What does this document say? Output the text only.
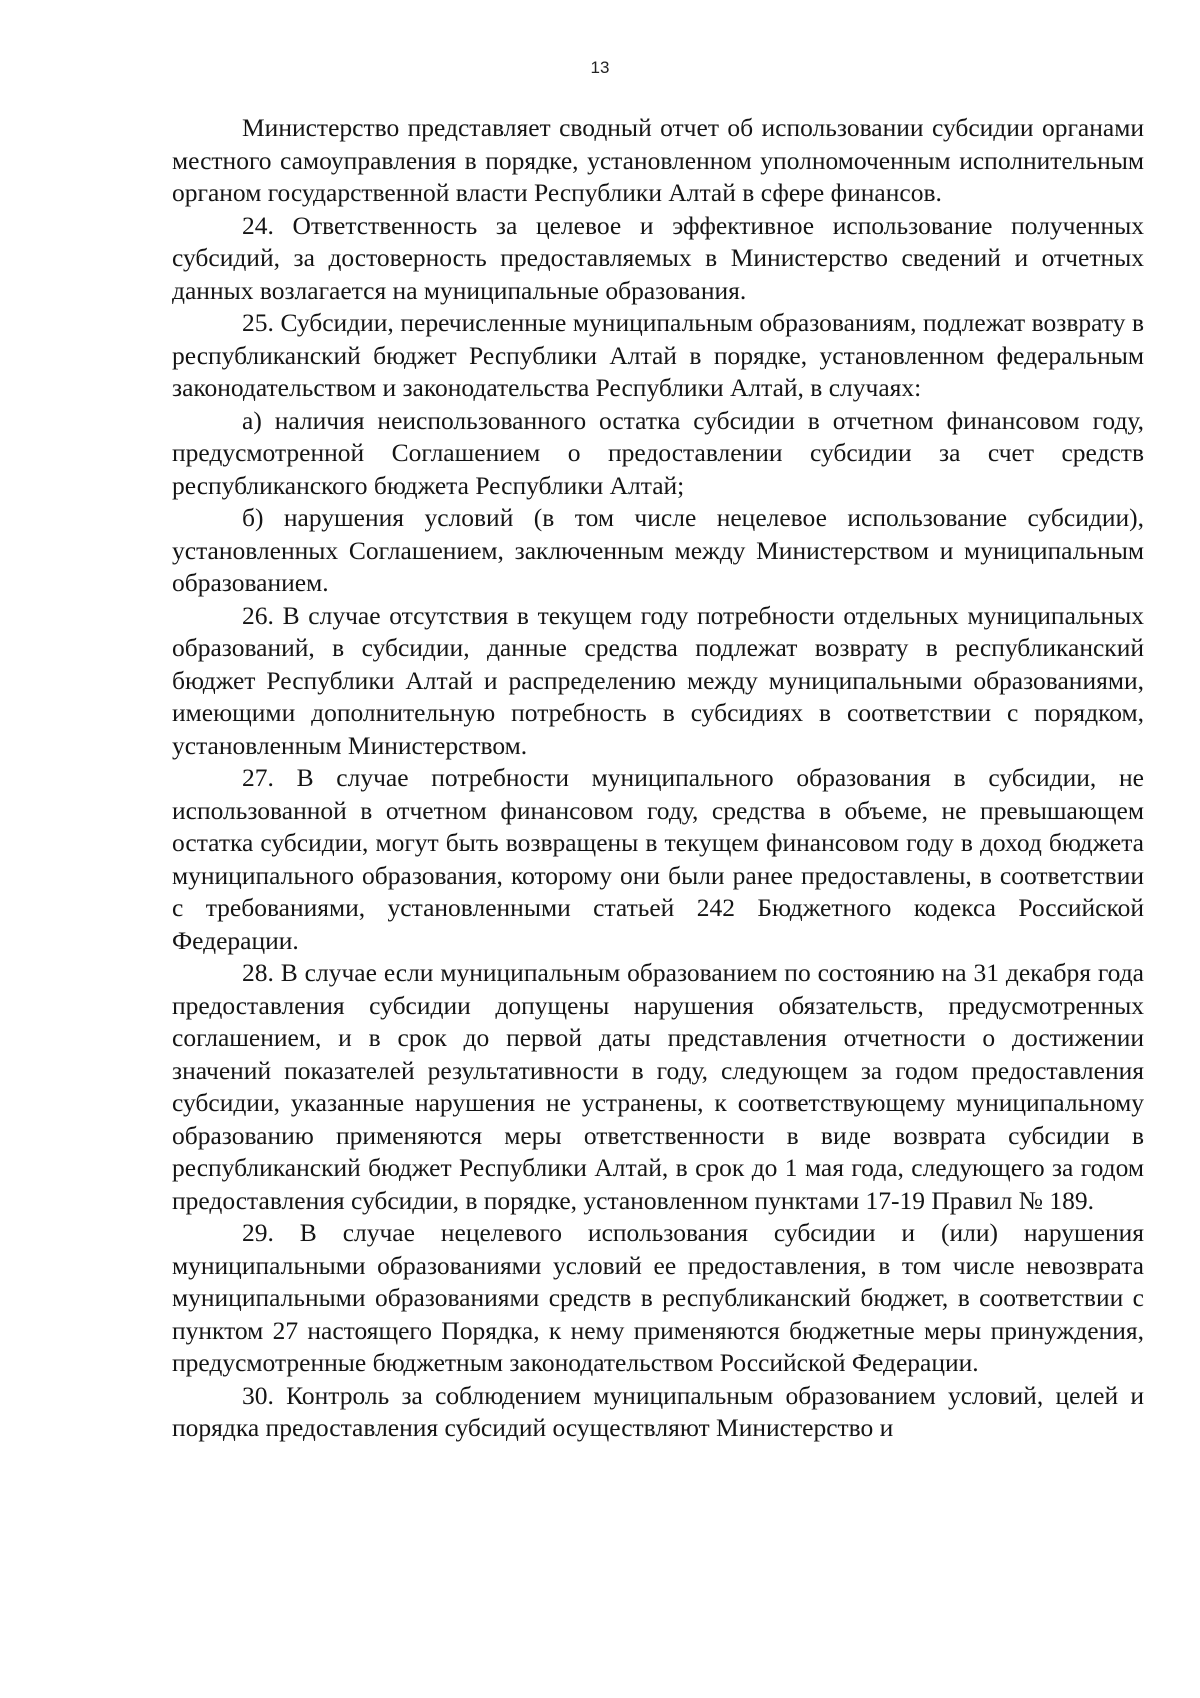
13

Министерство представляет сводный отчет об использовании субсидии органами местного самоуправления в порядке, установленном уполномоченным исполнительным органом государственной власти Республики Алтай в сфере финансов.

24. Ответственность за целевое и эффективное использование полученных субсидий, за достоверность предоставляемых в Министерство сведений и отчетных данных возлагается на муниципальные образования.

25. Субсидии, перечисленные муниципальным образованиям, подлежат возврату в республиканский бюджет Республики Алтай в порядке, установленном федеральным законодательством и законодательства Республики Алтай, в случаях:

а) наличия неиспользованного остатка субсидии в отчетном финансовом году, предусмотренной Соглашением о предоставлении субсидии за счет средств республиканского бюджета Республики Алтай;

б) нарушения условий (в том числе нецелевое использование субсидии), установленных Соглашением, заключенным между Министерством и муниципальным образованием.

26. В случае отсутствия в текущем году потребности отдельных муниципальных образований, в субсидии, данные средства подлежат возврату в республиканский бюджет Республики Алтай и распределению между муниципальными образованиями, имеющими дополнительную потребность в субсидиях в соответствии с порядком, установленным Министерством.

27. В случае потребности муниципального образования в субсидии, не использованной в отчетном финансовом году, средства в объеме, не превышающем остатка субсидии, могут быть возвращены в текущем финансовом году в доход бюджета муниципального образования, которому они были ранее предоставлены, в соответствии с требованиями, установленными статьей 242 Бюджетного кодекса Российской Федерации.

28. В случае если муниципальным образованием по состоянию на 31 декабря года предоставления субсидии допущены нарушения обязательств, предусмотренных соглашением, и в срок до первой даты представления отчетности о достижении значений показателей результативности в году, следующем за годом предоставления субсидии, указанные нарушения не устранены, к соответствующему муниципальному образованию применяются меры ответственности в виде возврата субсидии в республиканский бюджет Республики Алтай, в срок до 1 мая года, следующего за годом предоставления субсидии, в порядке, установленном пунктами 17-19 Правил № 189.

29. В случае нецелевого использования субсидии и (или) нарушения муниципальными образованиями условий ее предоставления, в том числе невозврата муниципальными образованиями средств в республиканский бюджет, в соответствии с пунктом 27 настоящего Порядка, к нему применяются бюджетные меры принуждения, предусмотренные бюджетным законодательством Российской Федерации.

30. Контроль за соблюдением муниципальным образованием условий, целей и порядка предоставления субсидий осуществляют Министерство и
